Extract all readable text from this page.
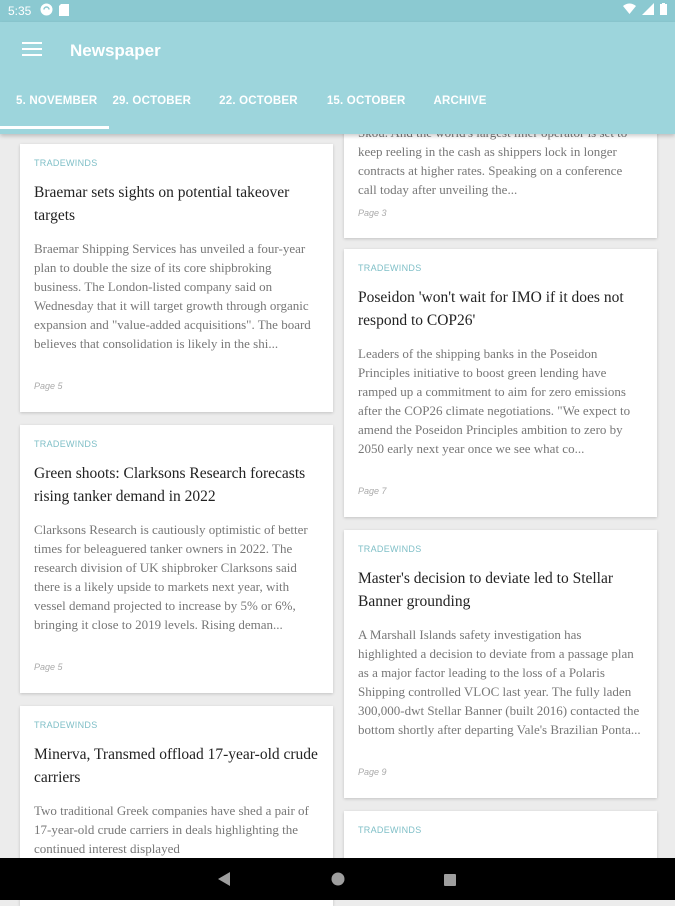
5:35
Newspaper
5. NOVEMBER	29. OCTOBER 22. OCTOBER	15. OCTOBER ARCHIVE
TRADEWINDS
Braemar sets sights on potential takeover targets
Braemar Shipping Services has unveiled a four-year plan to double the size of its core shipbroking business. The London-listed company said on Wednesday that it will target growth through organic expansion and "value-added acquisitions". The board believes that consolidation is likely in the shi...
Page 5
TRADEWINDS
Green shoots: Clarksons Research forecasts rising tanker demand in 2022
Clarksons Research is cautiously optimistic of better times for beleaguered tanker owners in 2022. The research division of UK shipbroker Clarksons said there is a likely upside to markets next year, with vessel demand projected to increase by 5% or 6%, bringing it close to 2019 levels. Rising deman...
Page 5
TRADEWINDS
Minerva, Transmed offload 17-year-old crude carriers
Two traditional Greek companies have shed a pair of 17-year-old crude carriers in deals highlighting the continued interest displayed
keep reeling in the cash as shippers lock in longer contracts at higher rates. Speaking on a conference call today after unveiling the...
Page 3
TRADEWINDS
Poseidon 'won't wait for IMO if it does not respond to COP26'
Leaders of the shipping banks in the Poseidon Principles initiative to boost green lending have ramped up a commitment to aim for zero emissions after the COP26 climate negotiations. "We expect to amend the Poseidon Principles ambition to zero by 2050 early next year once we see what co...
Page 7
TRADEWINDS
Master's decision to deviate led to Stellar Banner grounding
A Marshall Islands safety investigation has highlighted a decision to deviate from a passage plan as a major factor leading to the loss of a Polaris Shipping controlled VLOC last year. The fully laden 300,000-dwt Stellar Banner (built 2016) contacted the bottom shortly after departing Vale's Brazilian Ponta...
Page 9
TRADEWINDS
